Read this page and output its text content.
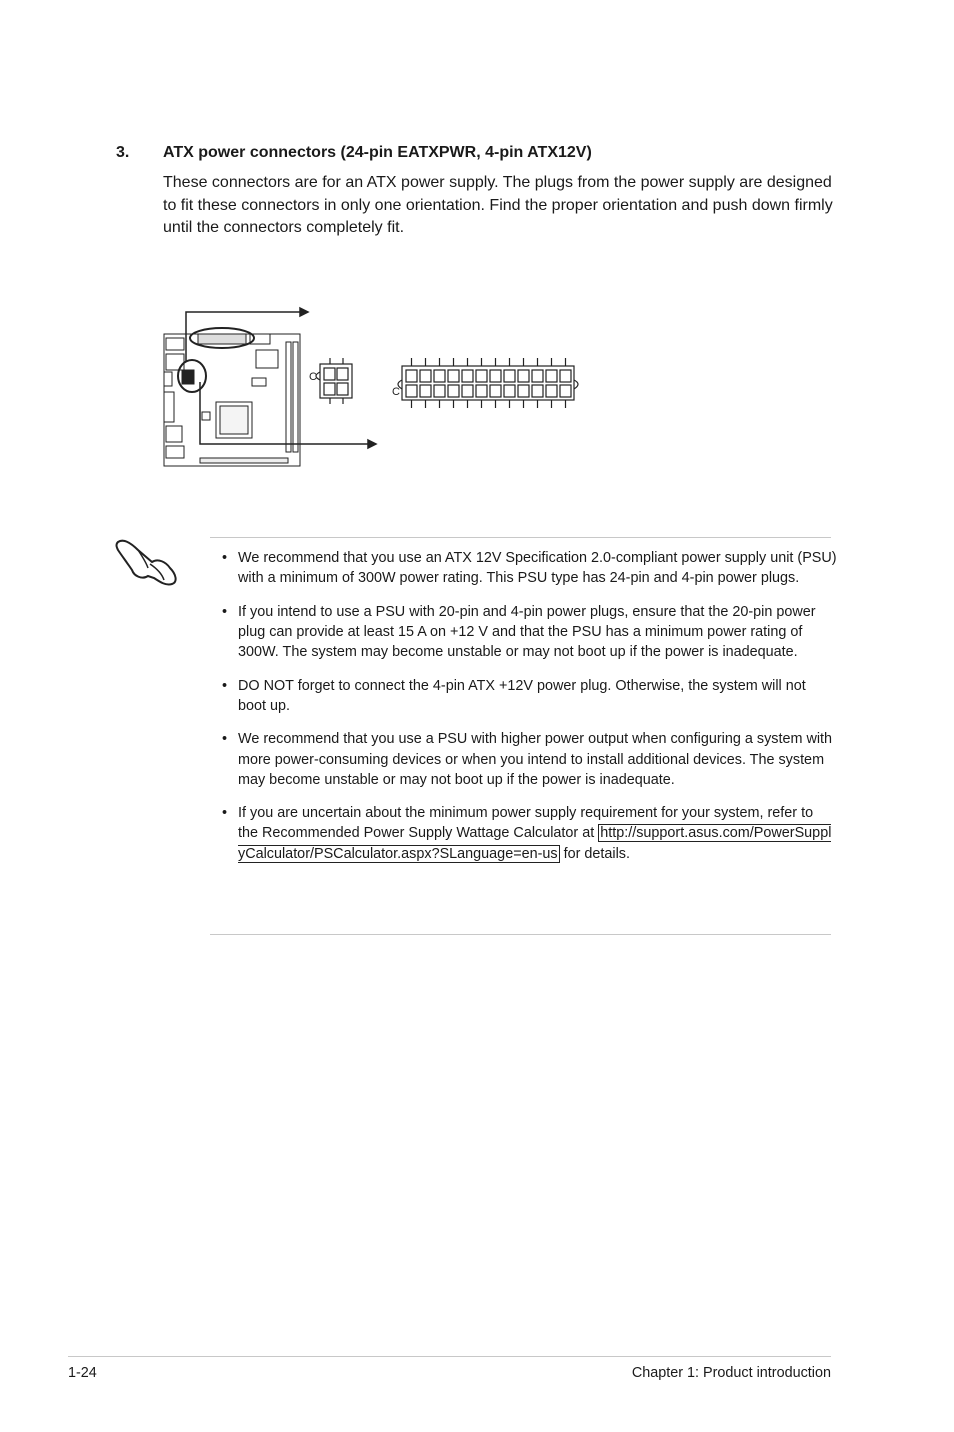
3. ATX power connectors (24-pin EATXPWR, 4-pin ATX12V)
These connectors are for an ATX power supply. The plugs from the power supply are designed to fit these connectors in only one orientation. Find the proper orientation and push down firmly until the connectors completely fit.
C
C
• We recommend that you use an ATX 12V Specification 2.0-compliant power supply unit (PSU) with a minimum of 300W power rating. This PSU type has 24-pin and 4-pin power plugs.
• If you intend to use a PSU with 20-pin and 4-pin power plugs, ensure that the 20-pin power plug can provide at least 15 A on +12 V and that the PSU has a minimum power rating of 300W. The system may become unstable or may not boot up if the power is inadequate.
• DO NOT forget to connect the 4-pin ATX +12V power plug. Otherwise, the system will not boot up.
• We recommend that you use a PSU with higher power output when configuring a system with more power-consuming devices or when you intend to install additional devices. The system may become unstable or may not boot up if the power is inadequate.
• If you are uncertain about the minimum power supply requirement for your system, refer to the Recommended Power Supply Wattage Calculator at http://support.asus.com/PowerSupplyCalculator/PSCalculator.aspx?SLanguage=en-us for details.
1-24	Chapter 1: Product introduction
